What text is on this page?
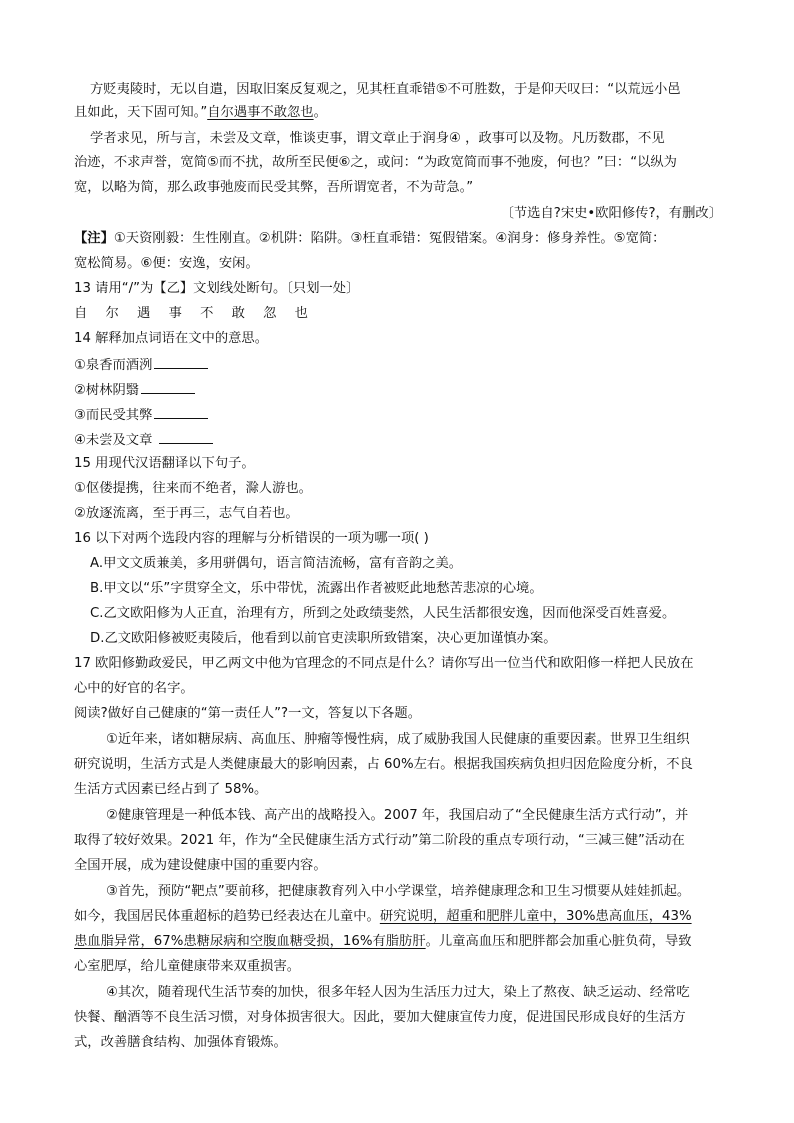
方贬夷陵时，无以自遣，因取旧案反复观之，见其枉直乖错⑤不可胜数，于是仰天叹曰：“以荒远小邑
且如此，天下固可知。”自尔遇事不敢忽也。
学者求见，所与言，未尝及文章，惟谈吏事，谓文章止于润身④ ，政事可以及物。凡历数郡，不见
治迹，不求声誉，宽简⑤而不扰，故所至民便⑥之，或问：“为政宽简而事不弛废，何也？”曰：“以纵为
宽，以略为简，那么政事弛废而民受其弊，吾所谓宽者，不为苛急。”
〔节选自?宋史•欧阳修传?，有删改〕
【注】①天资刚毅：生性刚直。②机阱：陷阱。③枉直乖错：冤假错案。④润身：修身养性。⑤宽简：
宽松简易。⑥便：安逸，安闲。
13 请用“/”为【乙】文划线处断句。〔只划一处〕
自 尔 遇 事 不 敢 忽 也
14 解释加点词语在文中的意思。
①泉香而酒洌
②树林阴翳
③而民受其弊
④未尝及文章
15 用现代汉语翻译以下句子。
①伛偻提携，往来而不绝者，滁人游也。
②放逐流离，至于再三，志气自若也。
16 以下对两个选段内容的理解与分析错误的一项为哪一项( )
A.甲文文质兼美，多用骈偶句，语言简洁流畅，富有音韵之美。
B.甲文以“乐”字贯穿全文，乐中带忧，流露出作者被贬此地愁苦悲凉的心境。
C.乙文欧阳修为人正直，治理有方，所到之处政绩斐然，人民生活都很安逸，因而他深受百姓喜爱。
D.乙文欧阳修被贬夷陵后，他看到以前官吏渎职所致错案，决心更加谨慎办案。
17 欧阳修勤政爱民，甲乙两文中他为官理念的不同点是什么？请你写出一位当代和欧阳修一样把人民放在
心中的好官的名字。
阅读?做好自己健康的“第一责任人”?一文，答复以下各题。
①近年来，诸如糖尿病、高血压、肿瘤等慢性病，成了威胁我国人民健康的重要因素。世界卫生组织
研究说明，生活方式是人类健康最大的影响因素，占 60%左右。根据我国疾病负担归因危险度分析，不良
生活方式因素已经占到了 58%。
②健康管理是一种低本钱、高产出的战略投入。2007 年，我国启动了“全民健康生活方式行动”，并
取得了较好效果。2021 年，作为“全民健康生活方式行动”第二阶段的重点专项行动，“三减三健”活动在
全国开展，成为建设健康中国的重要内容。
③首先，预防“靶点”要前移，把健康教育列入中小学课堂，培养健康理念和卫生习惯要从娃娃抓起。
如今，我国居民体重超标的趋势已经表达在儿童中。研究说明，超重和肥胖儿童中，30%患高血压，43%
患血脂异常，67%患糖尿病和空腹血糖受损，16%有脂肪肝。儿童高血压和肥胖都会加重心脏负荷，导致
心室肥厚，给儿童健康带来双重损害。
④其次，随着现代生活节奏的加快，很多年轻人因为生活压力过大，染上了熬夜、缺乏运动、经常吃
快餐、酗酒等不良生活习惯，对身体损害很大。因此，要加大健康宣传力度，促进国民形成良好的生活方
式，改善膳食结构、加强体育锻炼。
